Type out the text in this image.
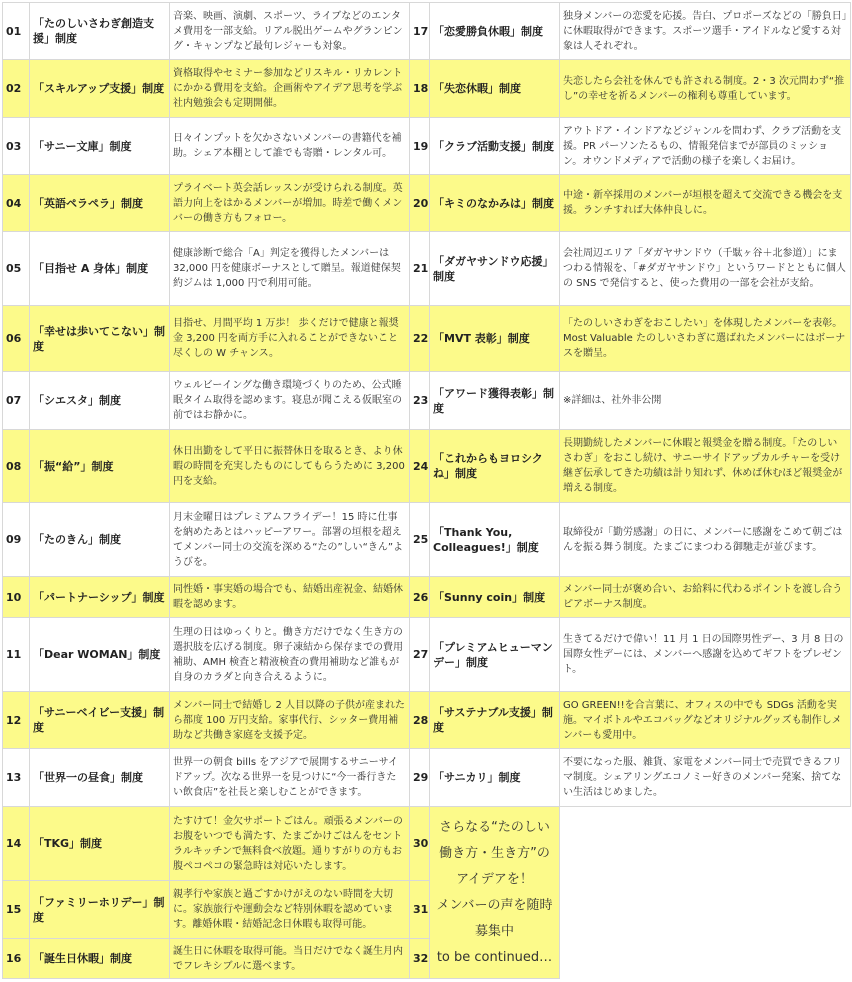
01	「たのしいさわぎ創造支援」制度	音楽、映画、演劇、スポーツ、ライブなどのエンタメ費用を一部支給。リアル脱出ゲームやグランピング・キャンプなど最旬レジャーも対象。	17	「恋愛勝負休暇」制度	独身メンバーの恋愛を応援。告白、プロポーズなどの「勝負日」に休暇取得ができます。スポーツ選手・アイドルなど愛する対象は人それぞれ。
02	「スキルアップ支援」制度	資格取得やセミナー参加などリスキル・リカレントにかかる費用を支給。企画術やアイデア思考を学ぶ社内勉強会も定期開催。	18	「失恋休暇」制度	失恋したら会社を休んでも許される制度。2・3 次元問わず“推し”の幸せを祈るメンバーの権利も尊重しています。
03	「サニー文庫」制度	日々インプットを欠かさないメンバーの書籍代を補助。シェア本棚として誰でも寄贈・レンタル可。	19	「クラブ活動支援」制度	アウトドア・インドアなどジャンルを問わず、クラブ活動を支援。PR パーソンたるもの、情報発信までが部員のミッション。オウンドメディアで活動の様子を楽しくお届け。
04	「英語ペラペラ」制度	プライベート英会話レッスンが受けられる制度。英語力向上をはかるメンバーが増加。時差で働くメンバーの働き方もフォロー。	20	「キミのなかみは」制度	中途・新卒採用のメンバーが垣根を超えて交流できる機会を支援。ランチすれば大体仲良しに。
05	「目指せ A 身体」制度	健康診断で総合「A」判定を獲得したメンバーは 32,000 円を健康ボーナスとして贈呈。報道健保契約ジムは 1,000 円で利用可能。	21	「ダガヤサンドウ応援」制度	会社周辺エリア「ダガヤサンドウ（千駄ヶ谷＋北参道）」にまつわる情報を、「#ダガヤサンドウ」というワードとともに個人の SNS で発信すると、使った費用の一部を会社が支給。
06	「幸せは歩いてこない」制度	目指せ、月間平均 1 万歩！ 歩くだけで健康と報奨金 3,200 円を両方手に入れることができないこと尽くしの W チャンス。	22	「MVT 表彰」制度	「たのしいさわぎをおこしたい」を体現したメンバーを表彰。 Most Valuable たのしいさわぎに選ばれたメンバーにはボーナスを贈呈。
07	「シエスタ」制度	ウェルビーイングな働き環境づくりのため、公式睡眠タイム取得を認めます。寝息が聞こえる仮眠室の前ではお静かに。	23	「アワード獲得表彰」制度	※詳細は、社外非公開
08	「振“給”」制度	休日出勤をして平日に振替休日を取るとき、より休暇の時間を充実したものにしてもらうために 3,200 円を支給。	24	「これからもヨロシクね」制度	長期勤続したメンバーに休暇と報奨金を贈る制度。「たのしいさわぎ」をおこし続け、サニーサイドアップカルチャーを受け継ぎ伝承してきた功績は計り知れず、休めば休むほど報奨金が増える制度。
09	「たのきん」制度	月末金曜日はプレミアムフライデー！15 時に仕事を納めたあとはハッピーアワー。部署の垣根を超えてメンバー同士の交流を深める“たの”しい“きん”ようびを。	25	「Thank You, Colleagues!」制度	取締役が「勤労感謝」の日に、メンバーに感謝をこめて朝ごはんを振る舞う制度。たまごにまつわる御馳走が並びます。
10	「パートナーシップ」制度	同性婚・事実婚の場合でも、結婚出産祝金、結婚休暇を認めます。	26	「Sunny coin」制度	メンバー同士が褒め合い、お給料に代わるポイントを渡し合うピアボーナス制度。
11	「Dear WOMAN」制度	生理の日はゆっくりと。働き方だけでなく生き方の選択肢を広げる制度。卵子凍結から保存までの費用補助、AMH 検査と精液検査の費用補助など誰もが自身のカラダと向き合えるように。	27	「プレミアムヒューマンデー」制度	生きてるだけで偉い！11 月 1 日の国際男性デー、3 月 8 日の国際女性デーには、メンバーへ感謝を込めてギフトをプレゼント。
12	「サニーベイビー支援」制度	メンバー同士で結婚し 2 人目以降の子供が産まれたら都度 100 万円支給。家事代行、シッター費用補助など共働き家庭を支援予定。	28	「サステナブル支援」制度	GO GREEN!!を合言葉に、オフィスの中でも SDGs 活動を実施。マイボトルやエコバッグなどオリジナルグッズも制作しメンバーも愛用中。
13	「世界一の昼食」制度	世界一の朝食 bills をアジアで展開するサニーサイドアップ。次なる世界一を見つけに“今一番行きたい飲食店”を社長と楽しむことができます。	29	「サニカリ」制度	不要になった服、雑貨、家電をメンバー同士で売買できるフリマ制度。シェアリングエコノミー好きのメンバー発案、捨てない生活はじめました。
14	「TKG」制度	たすけて！金欠サポートごはん。頑張るメンバーのお腹をいつでも満たす、たまごかけごはんをセントラルキッチンで無料食べ放題。通りすがりの方もお腹ペコペコの緊急時は対応いたします。	30	さらなる“たのしい働き方・生き方”のアイデアを！
メンバーの声を随時募集中
to be continued…	

15	「ファミリーホリデー」制度	親孝行や家族と過ごすかけがえのない時間を大切に。家族旅行や運動会など特別休暇を認めています。離婚休暇・結婚記念日休暇も取得可能。	31		
16	「誕生日休暇」制度	誕生日に休暇を取得可能。当日だけでなく誕生月内でフレキシブルに選べます。	32		
